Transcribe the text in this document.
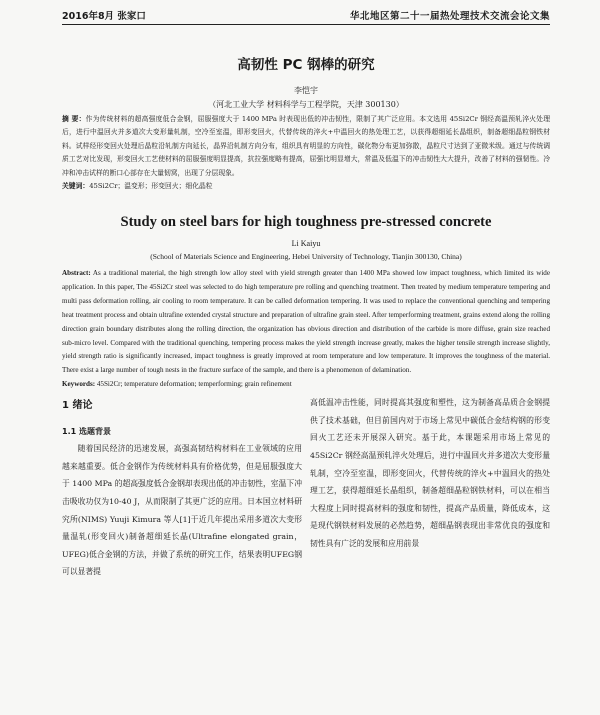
2016年8月 张家口	华北地区第二十一届热处理技术交流会论文集
高韧性 PC 钢棒的研究
李恺宇
（河北工业大学 材料科学与工程学院，天津 300130）
摘 要：作为传统材料的超高强度低合金钢，屈服强度大于 1400 MPa 时表现出低的冲击韧性，限制了其广泛应用。本文选用 45Si2Cr 钢经高温预轧淬火处理后，进行中温回火并多道次大变形量轧制，空冷至室温，即形变回火，代替传统的淬火+中温回火的热处理工艺，以获得超细延长晶组织，制备超细晶粒钢铁材料。试样经形变回火处理后晶粒沿轧制方向延长，晶界沿轧制方向分布，组织具有明显的方向性，碳化物分布更加弥散，晶粒尺寸达到了亚微米级。通过与传统调质工艺对比发现，形变回火工艺使材料的屈服强度明显提高，抗拉强度略有提高，屈强比明显增大，常温及低温下的冲击韧性大大提升，改善了材料的强韧性。冷冲和冲击试样的断口心部存在大量韧窝，出现了分层现象。
关键词：45Si2Cr；温变形；形变回火；细化晶粒
Study on steel bars for high toughness pre-stressed concrete
Li Kaiyu
(School of Materials Science and Engineering, Hebei University of Technology, Tianjin 300130, China)
Abstract: As a traditional material, the high strength low alloy steel with yield strength greater than 1400 MPa showed low impact toughness, which limited its wide application. In this paper, The 45Si2Cr steel was selected to do high temperature pre rolling and quenching treatment. Then treated by medium temperature tempering and multi pass deformation rolling, air cooling to room temperature. It can be called deformation tempering. It was used to replace the conventional quenching and tempering heat treatment process and obtain ultrafine extended crystal structure and preparation of ultrafine grain steel. After temperforming treatment, grains extend along the rolling direction grain boundary distributes along the rolling direction, the organization has obvious direction and distribution of the carbide is more diffuse, grain size reached sub-micro level. Compared with the traditional quenching, tempering process makes the yield strength increase greatly, makes the higher tensile strength increase slightly, yield strength ratio is significantly increased, impact toughness is greatly improved at room temperature and low temperature. It improves the toughness of the material. There exist a large number of tough nests in the fracture surface of the sample, and there is a phenomenon of delamination.
Keywords: 45Si2Cr; temperature deformation; temperforming; grain refinement
1 绪论
1.1 选题背景
随着国民经济的迅速发展，高强高韧结构材料在工业领域的应用越来越重要。低合金钢作为传统材料具有价格优势，但是屈服强度大于 1400 MPa 的超高强度低合金钢却表现出低的冲击韧性，室温下冲击吸收功仅为10-40 J，从而限制了其更广泛的应用。日本国立材料研究所(NIMS) Yuuji Kimura 等人[1]于近几年提出采用多道次大变形量温轧(形变回火)制备超细延长晶(Ultrafine elongated grain，UFEG)低合金钢的方法，并做了系统的研究工作，结果表明UFEG钢可以显著提
高低温冲击性能，同时提高其强度和塑性，这为制备高品质合金钢提供了技术基础，但目前国内对于市场上常见中碳低合金结构钢的形变回火工艺还未开展深入研究。基于此，本课题采用市场上常见的 45Si2Cr 钢经高温预轧淬火处理后，进行中温回火并多道次大变形量轧制，空冷至室温，即形变回火，代替传统的淬火+中温回火的热处理工艺，获得超细延长晶组织，制备超细晶粒钢铁材料，可以在相当大程度上同时提高材料的强度和韧性，提高产品质量，降低成本，这是现代钢铁材料发展的必然趋势，超细晶钢表现出非常优良的强度和韧性具有广泛的发展和应用前景
